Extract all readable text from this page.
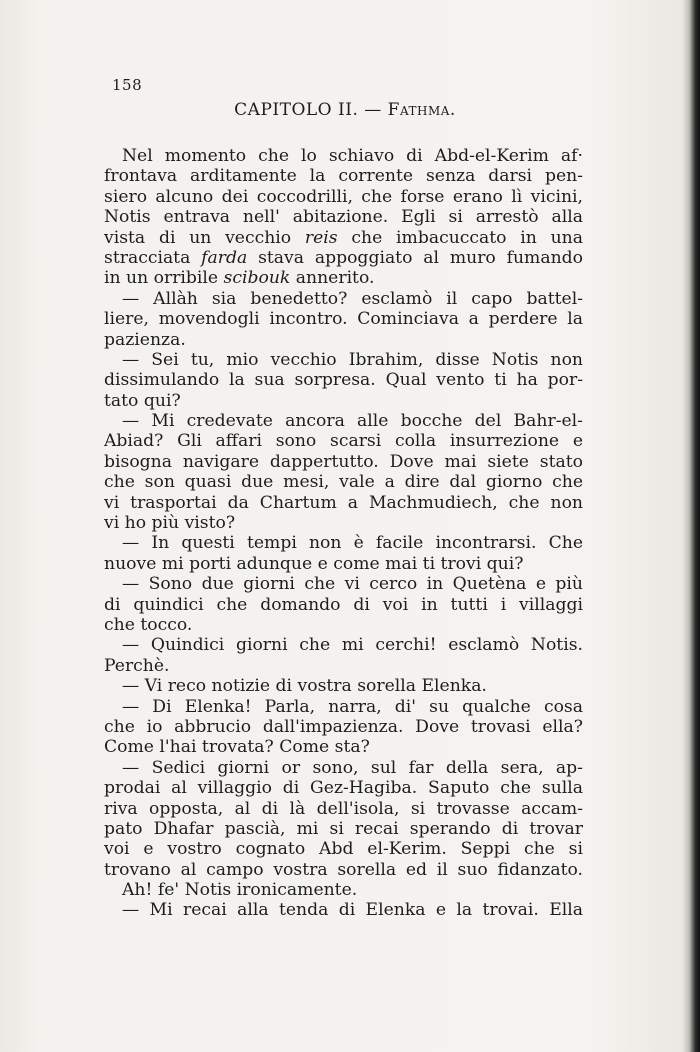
158
CAPITOLO II. — Fathma.
Nel momento che lo schiavo di Abd-el-Kerim af·
frontava arditamente la corrente senza darsi pen-
siero alcuno dei coccodrilli, che forse erano lì vicini,
Notis entrava nell' abitazione. Egli si arrestò alla
vista di un vecchio reis che imbacuccato in una
stracciata farda stava appoggiato al muro fumando
in un orribile scibouk annerito.
— Allàh sia benedetto? esclamò il capo battel-
liere, movendogli incontro. Cominciava a perdere la
pazienza.
— Sei tu, mio vecchio Ibrahim, disse Notis non
dissimulando la sua sorpresa. Qual vento ti ha por-
tato qui?
— Mi credevate ancora alle bocche del Bahr-el-
Abiad? Gli affari sono scarsi colla insurrezione e
bisogna navigare dappertutto. Dove mai siete stato
che son quasi due mesi, vale a dire dal giorno che
vi trasportai da Chartum a Machmudiech, che non
vi ho più visto?
— In questi tempi non è facile incontrarsi. Che
nuove mi porti adunque e come mai ti trovi qui?
— Sono due giorni che vi cerco in Quetèna e più
di quindici che domando di voi in tutti i villaggi
che tocco.
— Quindici giorni che mi cerchi! esclamò Notis.
Perchè.
— Vi reco notizie di vostra sorella Elenka.
— Di Elenka! Parla, narra, di' su qualche cosa
che io abbrucio dall'impazienza. Dove trovasi ella?
Come l'hai trovata? Come sta?
— Sedici giorni or sono, sul far della sera, ap-
prodai al villaggio di Gez-Hagiba. Saputo che sulla
riva opposta, al di là dell'isola, si trovasse accam-
pato Dhafar pascià, mi si recai sperando di trovar
voi e vostro cognato Abd el-Kerim. Seppi che si
trovano al campo vostra sorella ed il suo fidanzato.
Ah! fe' Notis ironicamente.
— Mi recai alla tenda di Elenka e la trovai. Ella
